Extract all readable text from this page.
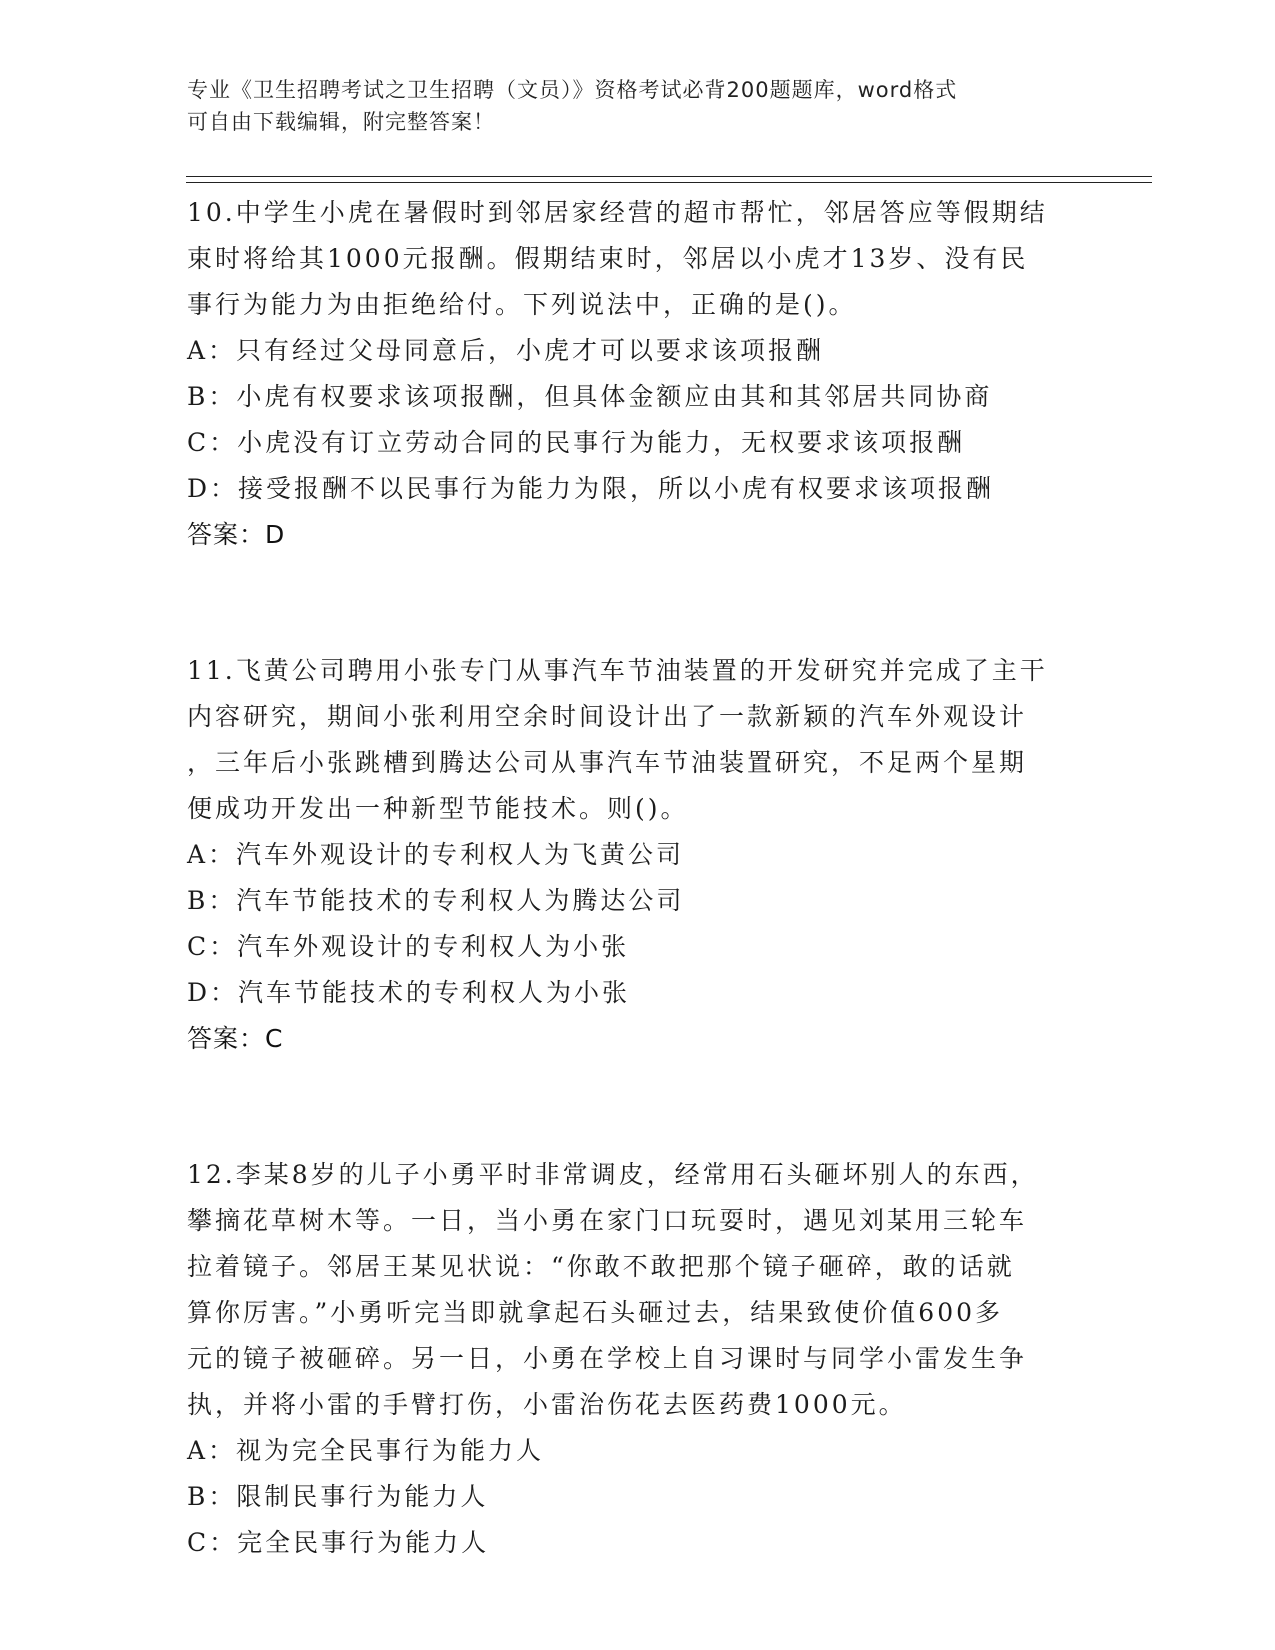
专业《卫生招聘考试之卫生招聘（文员）》资格考试必背200题题库，word格式
可自由下载编辑，附完整答案！
10.中学生小虎在暑假时到邻居家经营的超市帮忙，邻居答应等假期结
束时将给其1000元报酬。假期结束时，邻居以小虎才13岁、没有民
事行为能力为由拒绝给付。下列说法中，正确的是()。
A：只有经过父母同意后，小虎才可以要求该项报酬
B：小虎有权要求该项报酬，但具体金额应由其和其邻居共同协商
C：小虎没有订立劳动合同的民事行为能力，无权要求该项报酬
D：接受报酬不以民事行为能力为限，所以小虎有权要求该项报酬
答案：D
11.飞黄公司聘用小张专门从事汽车节油装置的开发研究并完成了主干
内容研究，期间小张利用空余时间设计出了一款新颖的汽车外观设计
，三年后小张跳槽到腾达公司从事汽车节油装置研究，不足两个星期
便成功开发出一种新型节能技术。则()。
A：汽车外观设计的专利权人为飞黄公司
B：汽车节能技术的专利权人为腾达公司
C：汽车外观设计的专利权人为小张
D：汽车节能技术的专利权人为小张
答案：C
12.李某8岁的儿子小勇平时非常调皮，经常用石头砸坏别人的东西，
攀摘花草树木等。一日，当小勇在家门口玩耍时，遇见刘某用三轮车
拉着镜子。邻居王某见状说：“你敢不敢把那个镜子砸碎，敢的话就
算你厉害。”小勇听完当即就拿起石头砸过去，结果致使价值600多
元的镜子被砸碎。另一日，小勇在学校上自习课时与同学小雷发生争
执，并将小雷的手臂打伤，小雷治伤花去医药费1000元。
A：视为完全民事行为能力人
B：限制民事行为能力人
C：完全民事行为能力人
